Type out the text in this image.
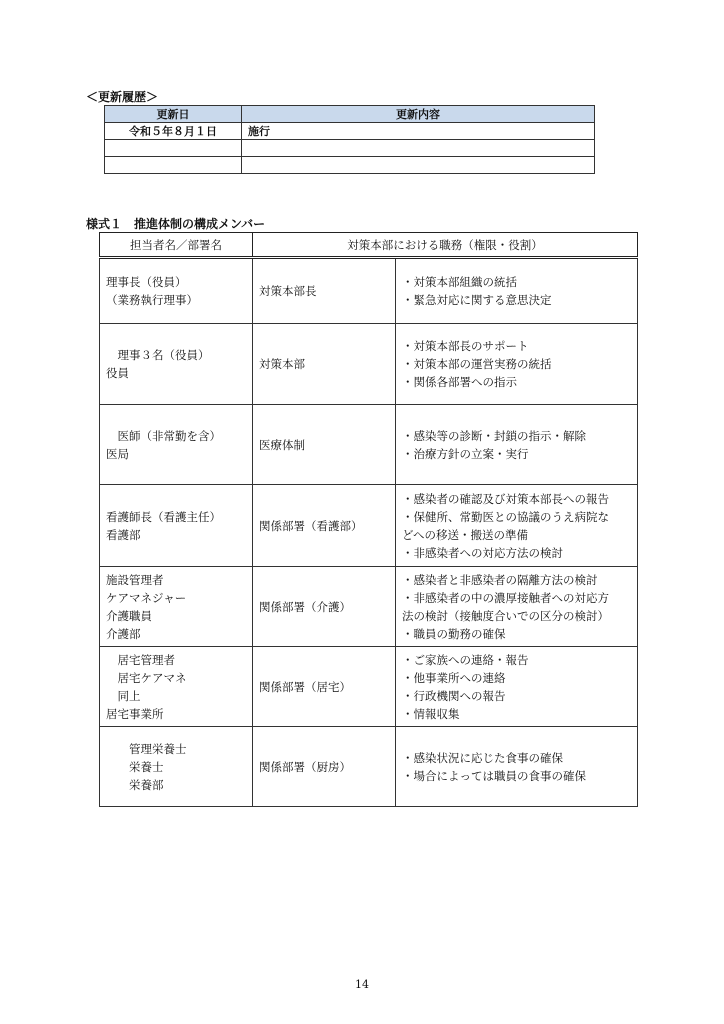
＜更新履歴＞
更新日	更新内容
令和５年８月１日	施行

様式１　推進体制の構成メンバー
担当者名／部署名	対策本部における職務（権限・役割）	

理事長（役員）
（業務執行理事）	対策本部長	・対策本部組織の統括
・緊急対応に関する意思決定

　理事３名（役員）
役員	対策本部	・対策本部長のサポート
・対策本部の運営実務の統括
・関係各部署への指示

　医師（非常勤を含）
医局	医療体制	・感染等の診断・封鎖の指示・解除
・治療方針の立案・実行

看護師長（看護主任）
看護部	関係部署（看護部）	・感染者の確認及び対策本部長への報告
・保健所、常勤医との協議のうえ病院な
どへの移送・搬送の準備
・非感染者への対応方法の検討

施設管理者
ケアマネジャー
介護職員
介護部	関係部署（介護）	・感染者と非感染者の隔離方法の検討
・非感染者の中の濃厚接触者への対応方
法の検討（接触度合いでの区分の検討）
・職員の勤務の確保

　居宅管理者
　居宅ケアマネ
　同上
居宅事業所	関係部署（居宅）	・ご家族への連絡・報告
・他事業所への連絡
・行政機関への報告
・情報収集

　　管理栄養士
　　栄養士
　　栄養部	関係部署（厨房）	・感染状況に応じた食事の確保
・場合によっては職員の食事の確保
14
